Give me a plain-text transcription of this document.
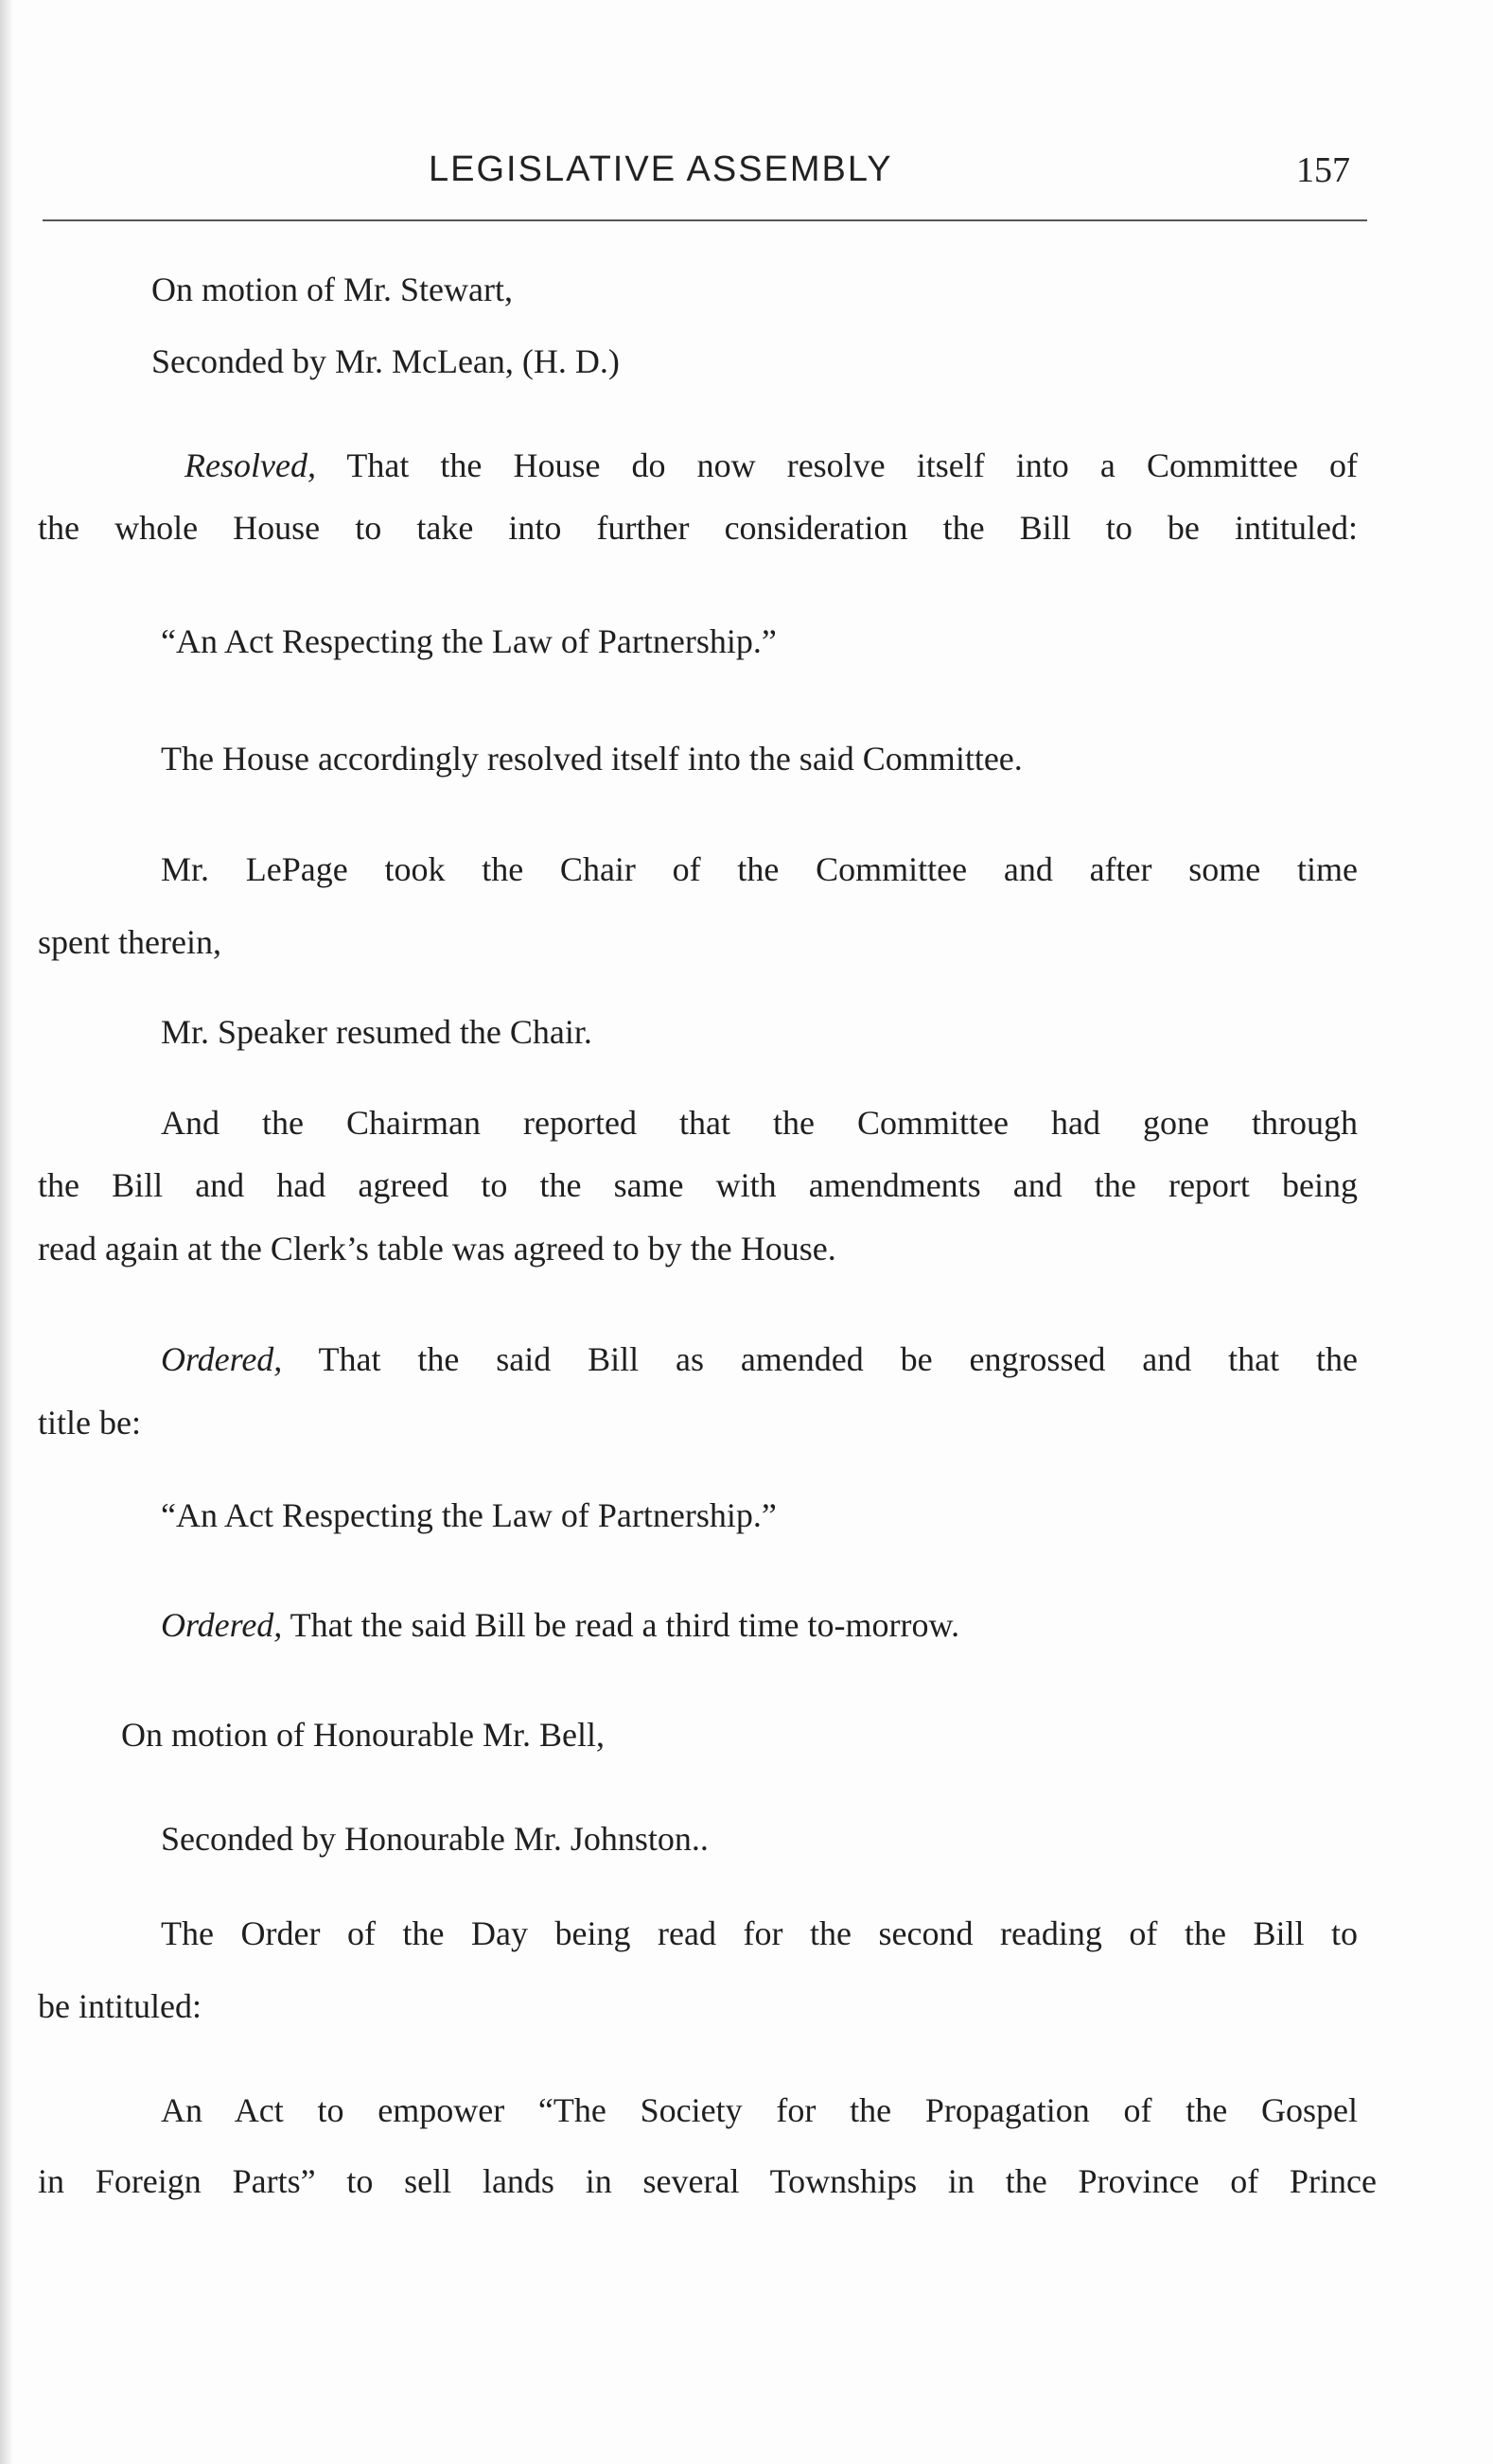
LEGISLATIVE ASSEMBLY	157
On motion of Mr. Stewart,
Seconded by Mr. McLean, (H. D.)
Resolved, That the House do now resolve itself into a Committee of
the whole House to take into further consideration the Bill to be intituled:
“An Act Respecting the Law of Partnership.”
The House accordingly resolved itself into the said Committee.
Mr. LePage took the Chair of the Committee and after some time
spent therein,
Mr. Speaker resumed the Chair.
And the Chairman reported that the Committee had gone through
the Bill and had agreed to the same with amendments and the report being
read again at the Clerk’s table was agreed to by the House.
Ordered, That the said Bill as amended be engrossed and that the
title be:
“An Act Respecting the Law of Partnership.”
Ordered, That the said Bill be read a third time to-morrow.
On motion of Honourable Mr. Bell,
Seconded by Honourable Mr. Johnston..
The Order of the Day being read for the second reading of the Bill to
be intituled:
An Act to empower “The Society for the Propagation of the Gospel
in Foreign Parts” to sell lands in several Townships in the Province of Prince
